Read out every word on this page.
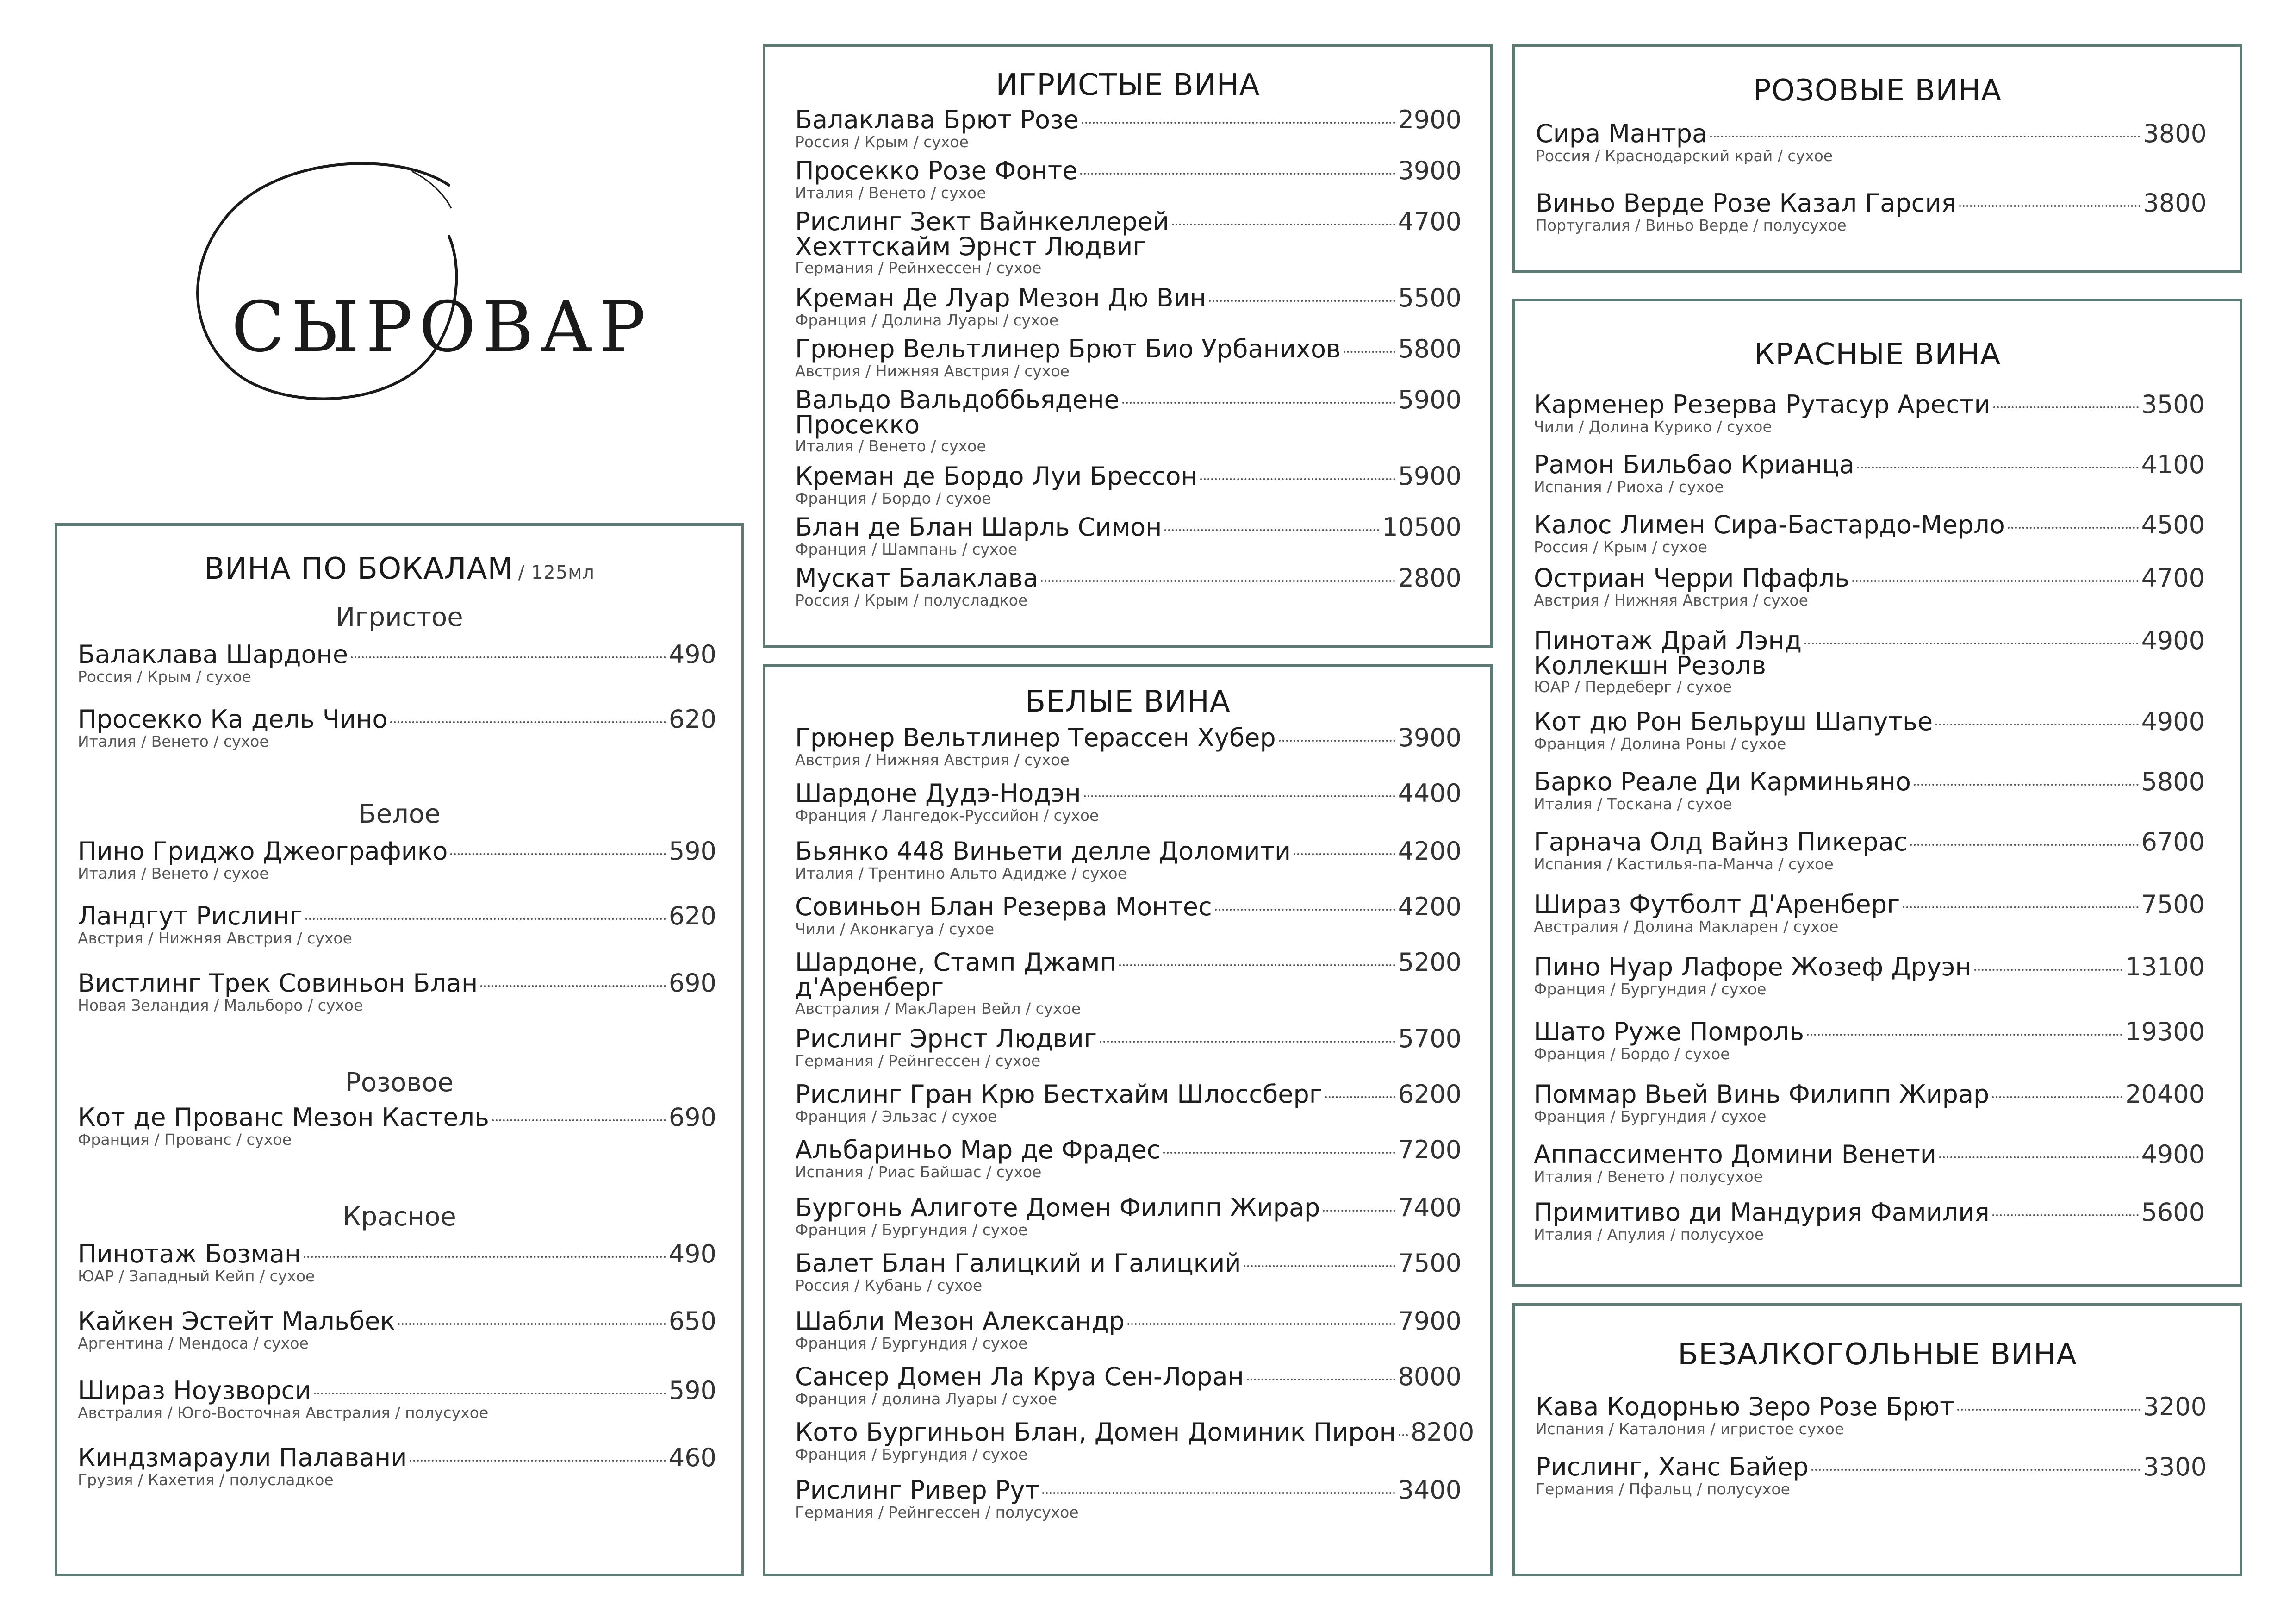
СЫРОВАР
ВИНА ПО БОКАЛАМ / 125мл
Игристое
Балаклава Шардоне	490
Россия / Крым / сухое
Просекко Ка дель Чино	620
Италия / Венето / сухое
Белое
Пино Гриджо Джеографико	590
Италия / Венето / сухое
Ландгут Рислинг	620
Австрия / Нижняя Австрия / сухое
Вистлинг Трек Совиньон Блан	690
Новая Зеландия / Мальборо / сухое
Розовое
Кот де Прованс Мезон Кастель	690
Франция / Прованс / сухое
Красное
Пинотаж Бозман	490
ЮАР / Западный Кейп / сухое
Кайкен Эстейт Мальбек	650
Аргентина / Мендоса / сухое
Шираз Ноузворси	590
Австралия / Юго-Восточная Австралия / полусухое
Киндзмараули Палавани	460
Грузия / Кахетия / полусладкое
ИГРИСТЫЕ ВИНА
Балаклава Брют Розе	2900
Россия / Крым / сухое
Просекко Розе Фонте	3900
Италия / Венето / сухое
Рислинг Зект Вайнкеллерей	4700
Хехттскайм Эрнст Людвиг
Германия / Рейнхессен / сухое
Креман Де Луар Мезон Дю Вин	5500
Франция / Долина Луары / сухое
Грюнер Вельтлинер Брют Био Урбанихов 5800
Австрия / Нижняя Австрия / сухое
Вальдо Вальдоббьядене	5900
Просекко
Италия / Венето / сухое
Креман де Бордо Луи Брессон	5900
Франция / Бордо / сухое
Блан де Блан Шарль Симон	10500
Франция / Шампань / сухое
Мускат Балаклава	2800
Россия / Крым / полусладкое
БЕЛЫЕ ВИНА
Грюнер Вельтлинер Терассен Хубер	3900
Австрия / Нижняя Австрия / сухое
Шардоне Дудэ-Нодэн	4400
Франция / Лангедок-Руссийон / сухое
Бьянко 448 Виньети делле Доломити	4200
Италия / Трентино Альто Адидже / сухое
Совиньон Блан Резерва Монтес	4200
Чили / Аконкагуа / сухое
Шардоне, Стамп Джамп	5200
д'Аренберг
Австралия / МакЛарен Вейл / сухое
Рислинг Эрнст Людвиг	5700
Германия / Рейнгессен / сухое
Рислинг Гран Крю Бестхайм Шлоссберг	6200
Франция / Эльзас / сухое
Альбариньо Мар де Фрадес	7200
Испания / Риас Байшас / сухое
Бургонь Алиготе Домен Филипп Жирар	7400
Франция / Бургундия / сухое
Балет Блан Галицкий и Галицкий	7500
Россия / Кубань / сухое
Шабли Мезон Александр	7900
Франция / Бургундия / сухое
Сансер Домен Ла Круа Сен-Лоран	8000
Франция / долина Луары / сухое
Кото Бургиньон Блан, Домен Доминик Пирон 8200
Франция / Бургундия / сухое
Рислинг Ривер Рут	3400
Германия / Рейнгессен / полусухое
РОЗОВЫЕ ВИНА
Сира Мантра	3800
Россия / Краснодарский край / сухое
Виньо Верде Розе Казал Гарсия	3800
Португалия / Виньо Верде / полусухое
КРАСНЫЕ ВИНА
Карменер Резерва Рутасур Арести	3500
Чили / Долина Курико / сухое
Рамон Бильбао Крианца	4100
Испания / Риоха / сухое
Калос Лимен Сира-Бастардо-Мерло	4500
Россия / Крым / сухое
Остриан Черри Пфафль	4700
Австрия / Нижняя Австрия / сухое
Пинотаж Драй Лэнд	4900
Коллекшн Резолв
ЮАР / Пердеберг / сухое
Кот дю Рон Бельруш Шапутье	4900
Франция / Долина Роны / сухое
Барко Реале Ди Карминьяно	5800
Италия / Тоскана / сухое
Гарнача Олд Вайнз Пикерас	6700
Испания / Кастилья-па-Манча / сухое
Шираз Футболт Д'Аренберг	7500
Австралия / Долина Макларен / сухое
Пино Нуар Лафоре Жозеф Друэн	13100
Франция / Бургундия / сухое
Шато Руже Помроль	19300
Франция / Бордо / сухое
Поммар Вьей Винь Филипп Жирар	20400
Франция / Бургундия / сухое
Аппассименто Домини Венети	4900
Италия / Венето / полусухое
Примитиво ди Мандурия Фамилия	5600
Италия / Апулия / полусухое
БЕЗАЛКОГОЛЬНЫЕ ВИНА
Кава Кодорнью Зеро Розе Брют	3200
Испания / Каталония / игристое сухое
Рислинг, Ханс Байер	3300
Германия / Пфальц / полусухое
